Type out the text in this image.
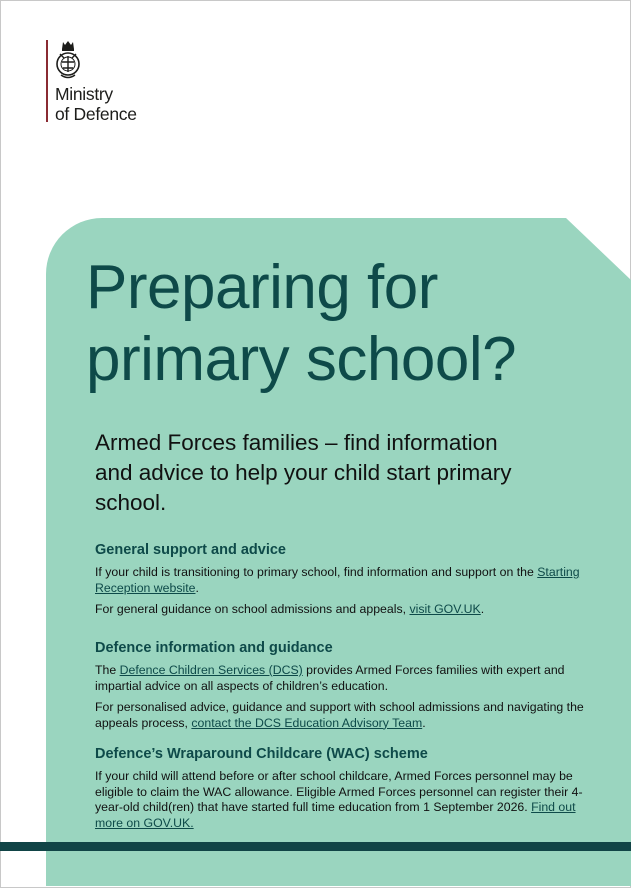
Ministry
of Defence
Preparing for
primary school?

Armed Forces families – find information and advice to help your child start primary school.

General support and advice

If your child is transitioning to primary school, find information and support on the Starting Reception website.

For general guidance on school admissions and appeals, visit GOV.UK.

Defence information and guidance

The Defence Children Services (DCS) provides Armed Forces families with expert and impartial advice on all aspects of children’s education.

For personalised advice, guidance and support with school admissions and navigating the appeals process, contact the DCS Education Advisory Team.

Defence’s Wraparound Childcare (WAC) scheme

If your child will attend before or after school childcare, Armed Forces personnel may be eligible to claim the WAC allowance. Eligible Armed Forces personnel can register their 4-year-old child(ren) that have started full time education from 1 September 2026. Find out more on GOV.UK.
